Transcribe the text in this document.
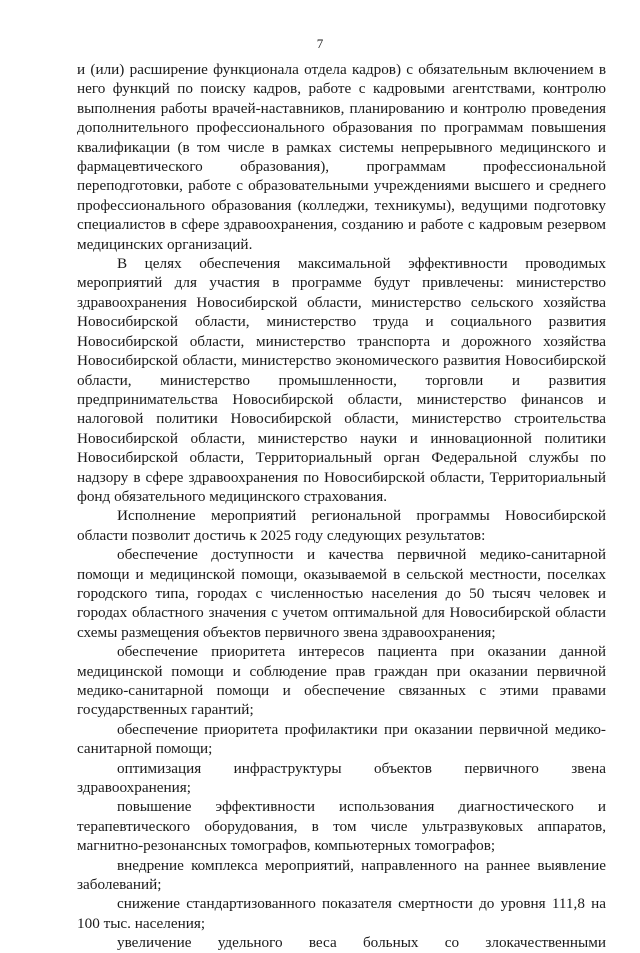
7

и (или) расширение функционала отдела кадров) с обязательным включением в него функций по поиску кадров, работе с кадровыми агентствами, контролю выполнения работы врачей-наставников, планированию и контролю проведения дополнительного профессионального образования по программам повышения квалификации (в том числе в рамках системы непрерывного медицинского и фармацевтического образования), программам профессиональной переподготовки, работе с образовательными учреждениями высшего и среднего профессионального образования (колледжи, техникумы), ведущими подготовку специалистов в сфере здравоохранения, созданию и работе с кадровым резервом медицинских организаций.

В целях обеспечения максимальной эффективности проводимых мероприятий для участия в программе будут привлечены: министерство здравоохранения Новосибирской области, министерство сельского хозяйства Новосибирской области, министерство труда и социального развития Новосибирской области, министерство транспорта и дорожного хозяйства Новосибирской области, министерство экономического развития Новосибирской области, министерство промышленности, торговли и развития предпринимательства Новосибирской области, министерство финансов и налоговой политики Новосибирской области, министерство строительства Новосибирской области, министерство науки и инновационной политики Новосибирской области, Территориальный орган Федеральной службы по надзору в сфере здравоохранения по Новосибирской области, Территориальный фонд обязательного медицинского страхования.

Исполнение мероприятий региональной программы Новосибирской области позволит достичь к 2025 году следующих результатов:

обеспечение доступности и качества первичной медико-санитарной помощи и медицинской помощи, оказываемой в сельской местности, поселках городского типа, городах с численностью населения до 50 тысяч человек и городах областного значения с учетом оптимальной для Новосибирской области схемы размещения объектов первичного звена здравоохранения;

обеспечение приоритета интересов пациента при оказании данной медицинской помощи и соблюдение прав граждан при оказании первичной медико-санитарной помощи и обеспечение связанных с этими правами государственных гарантий;

обеспечение приоритета профилактики при оказании первичной медико-санитарной помощи;

оптимизация инфраструктуры объектов первичного звена здравоохранения;

повышение эффективности использования диагностического и терапевтического оборудования, в том числе ультразвуковых аппаратов, магнитно-резонансных томографов, компьютерных томографов;

внедрение комплекса мероприятий, направленного на раннее выявление заболеваний;

снижение стандартизованного показателя смертности до уровня 111,8 на 100 тыс. населения;

увеличение удельного веса больных со злокачественными
